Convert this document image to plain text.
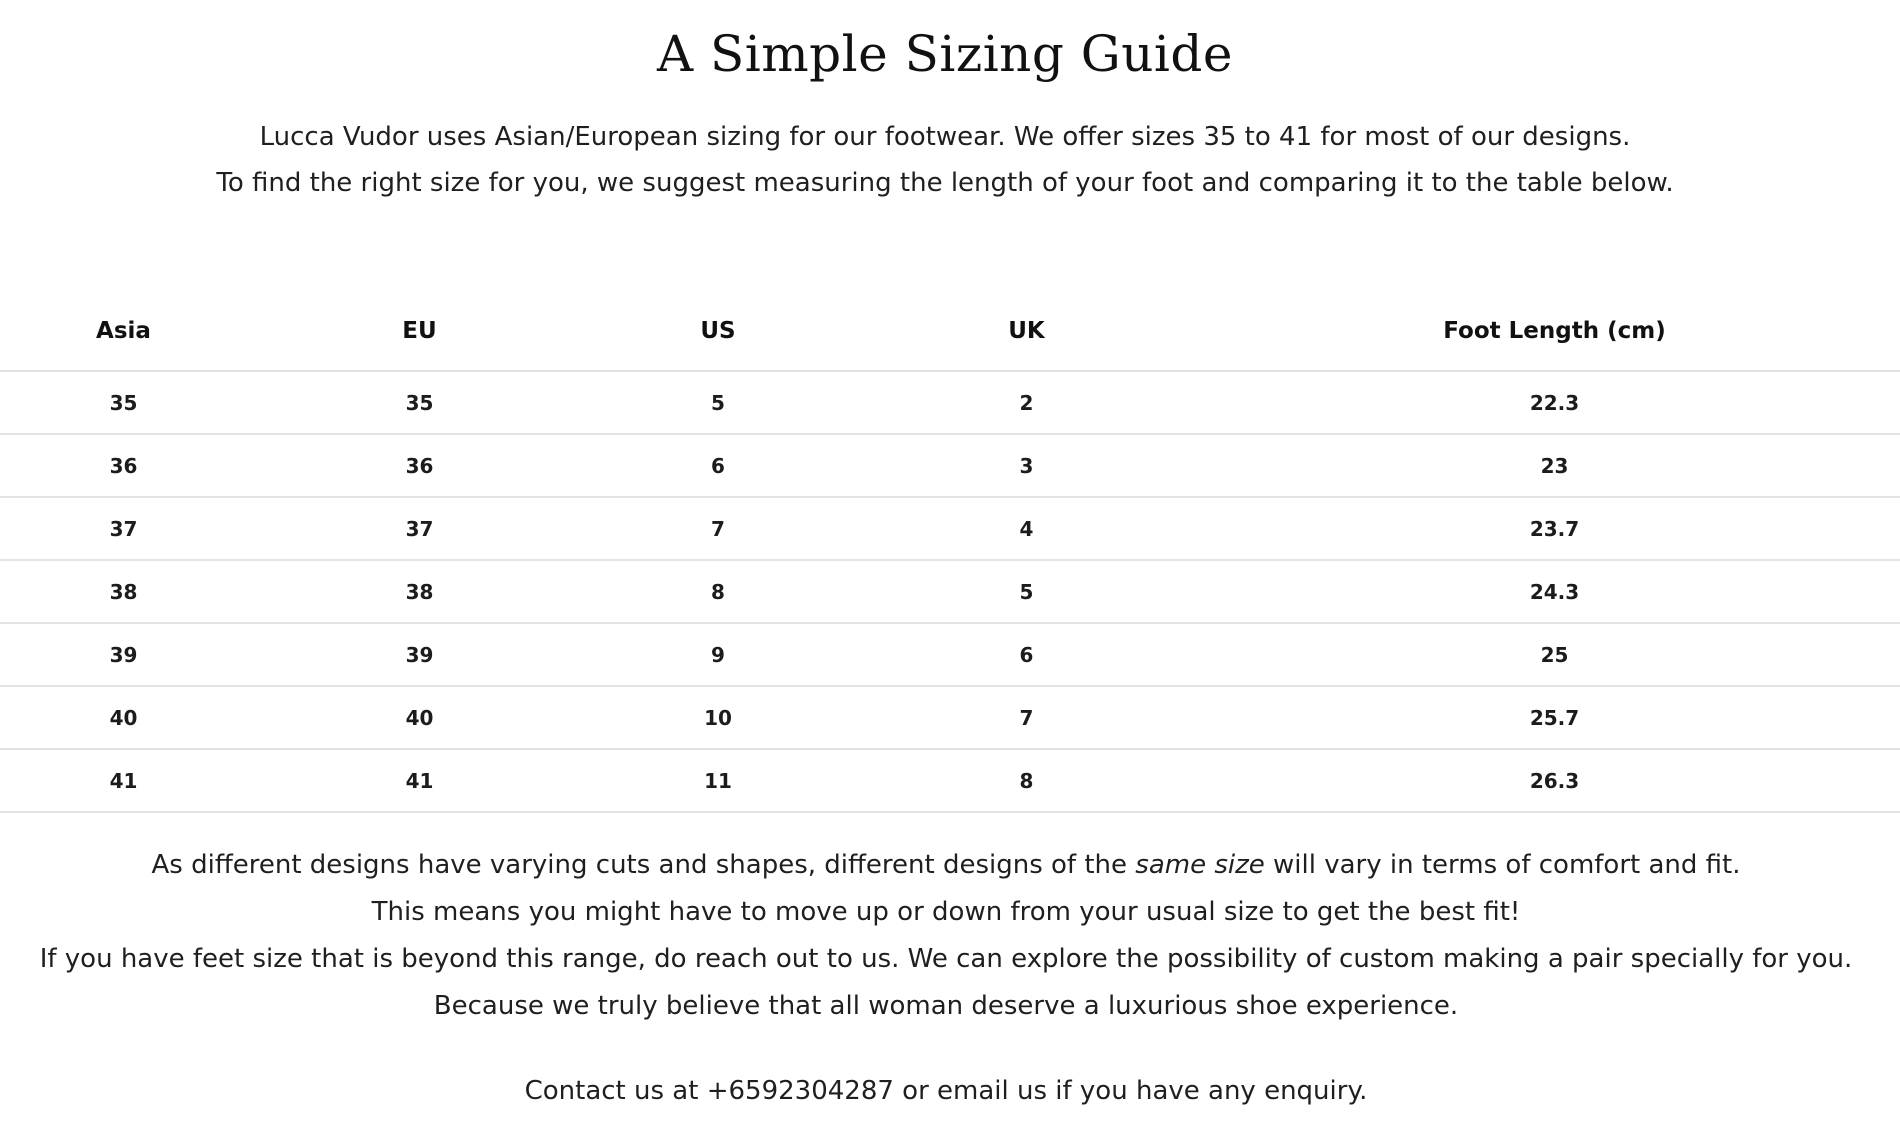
A Simple Sizing Guide

Lucca Vudor uses Asian/European sizing for our footwear. We offer sizes 35 to 41 for most of our designs.

To find the right size for you, we suggest measuring the length of your foot and comparing it to the table below.

Asia	EU	US	UK	Foot Length (cm)
35	35	5	2	22.3
36	36	6	3	23
37	37	7	4	23.7
38	38	8	5	24.3
39	39	9	6	25
40	40	10	7	25.7
41	41	11	8	26.3

As different designs have varying cuts and shapes, different designs of the same size will vary in terms of comfort and fit.

This means you might have to move up or down from your usual size to get the best fit!

If you have feet size that is beyond this range, do reach out to us. We can explore the possibility of custom making a pair specially for you.

Because we truly believe that all woman deserve a luxurious shoe experience.

Contact us at +6592304287 or email us if you have any enquiry.
